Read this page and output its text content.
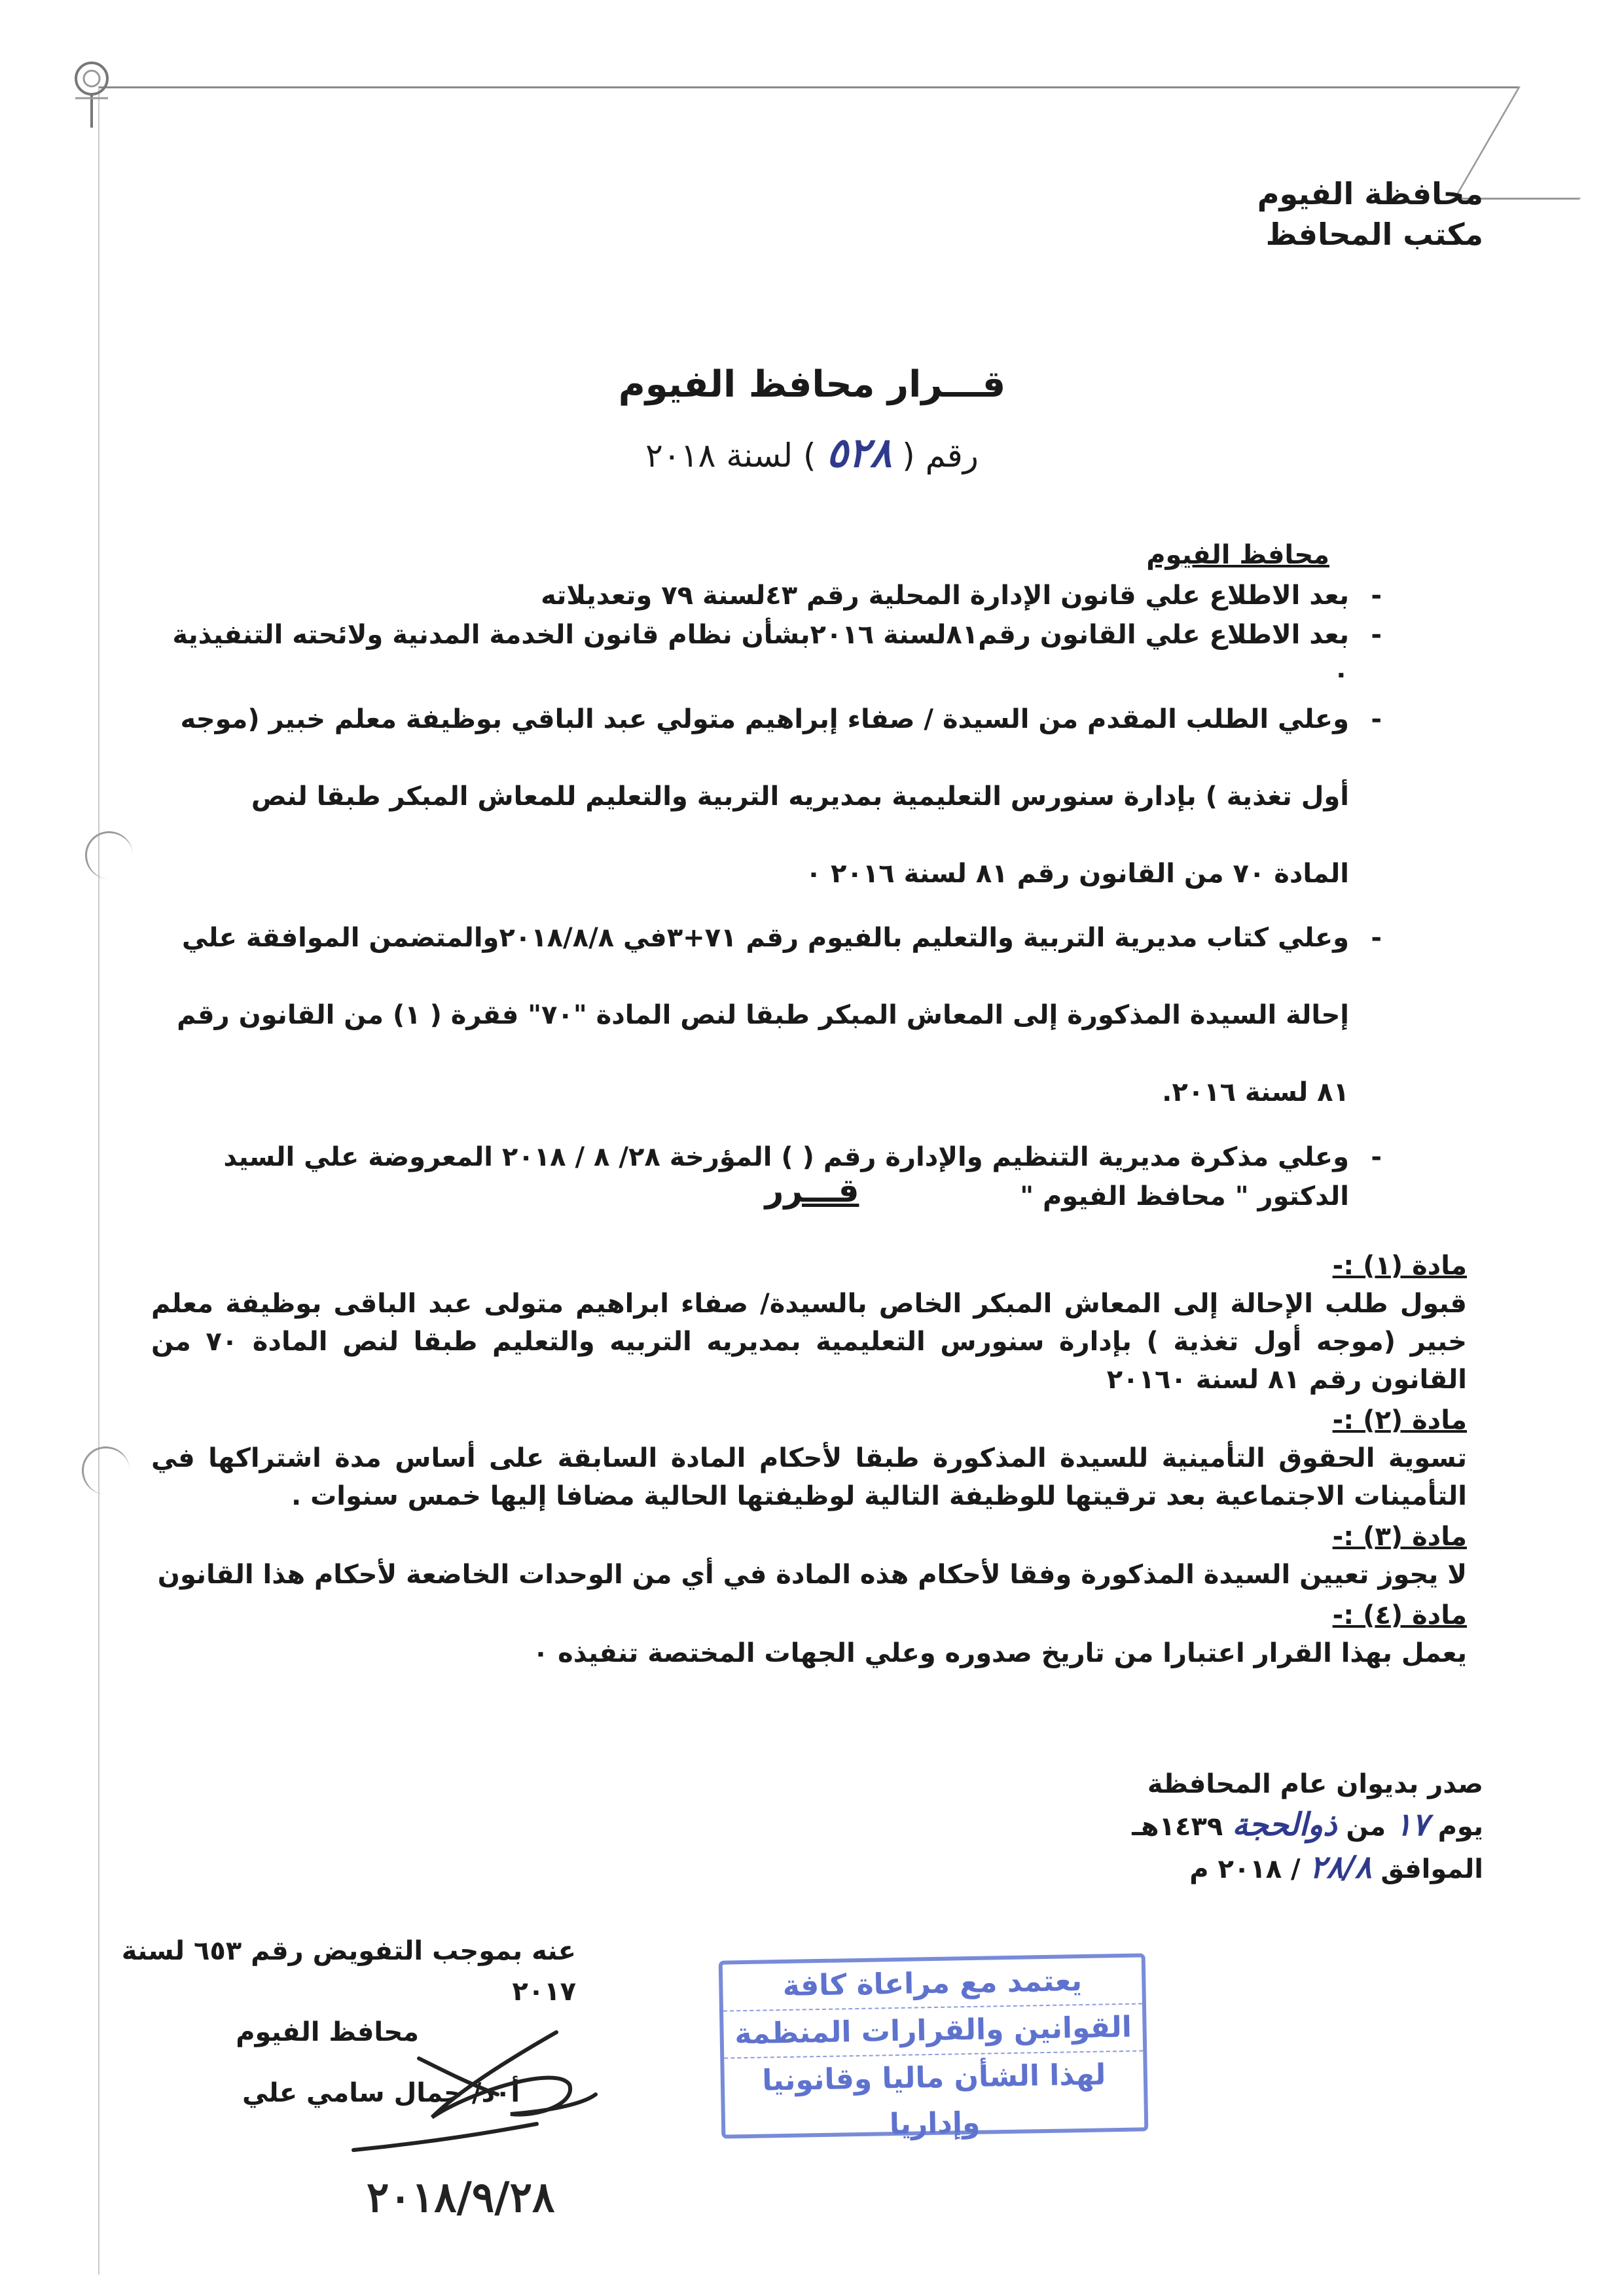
محافظة الفيوم
مكتب المحافظ
قـــرار محافظ الفيوم
رقم ( ٥٢٨ ) لسنة ٢٠١٨
محافظ الفيوم
- بعد الاطلاع علي قانون الإدارة المحلية رقم ٤٣لسنة ٧٩ وتعديلاته
- بعد الاطلاع علي القانون رقم٨١لسنة ٢٠١٦بشأن نظام قانون الخدمة المدنية ولائحته التنفيذية ٠
- وعلي الطلب المقدم من السيدة / صفاء إبراهيم متولي عبد الباقي بوظيفة معلم خبير (موجه أول تغذية ) بإدارة سنورس التعليمية بمديريه التربية والتعليم للمعاش المبكر طبقا لنص المادة ٧٠ من القانون رقم ٨١ لسنة ٢٠١٦ ٠
- وعلي كتاب مديرية التربية والتعليم بالفيوم رقم ٧١+٣في ٢٠١٨/٨/٨والمتضمن الموافقة علي إحالة السيدة المذكورة إلى المعاش المبكر طبقا لنص المادة "٧٠" فقرة ( ١) من القانون رقم ٨١ لسنة ٢٠١٦.
- وعلي مذكرة مديرية التنظيم والإدارة رقم ( ) المؤرخة ٢٨/ ٨ / ٢٠١٨ المعروضة علي السيد الدكتور " محافظ الفيوم "
قـــرر
مادة (١) :-
قبول طلب الإحالة إلى المعاش المبكر الخاص بالسيدة/ صفاء ابراهيم متولى عبد الباقى بوظيفة معلم خبير (موجه أول تغذية ) بإدارة سنورس التعليمية بمديريه التربيه والتعليم طبقا لنص المادة ٧٠ من القانون رقم ٨١ لسنة ٢٠١٦٠
مادة (٢) :-
تسوية الحقوق التأمينية للسيدة المذكورة طبقا لأحكام المادة السابقة على أساس مدة اشتراكها في التأمينات الاجتماعية بعد ترقيتها للوظيفة التالية لوظيفتها الحالية مضافا إليها خمس سنوات .
مادة (٣) :-
لا يجوز تعيين السيدة المذكورة وفقا لأحكام هذه المادة في أي من الوحدات الخاضعة لأحكام هذا القانون
مادة (٤) :-
يعمل بهذا القرار اعتبارا من تاريخ صدوره وعلي الجهات المختصة تنفيذه ٠
صدر بديوان عام المحافظة
يوم ١٧ من ذوالحجة ١٤٣٩هـ
الموافق ٢٨/٨ / ٢٠١٨ م
عنه بموجب التفويض رقم ٦٥٣ لسنة ٢٠١٧
محافظ الفيوم
أ٠د/ جمال سامي علي
يعتمد مع مراعاة كافة
القوانين والقرارات المنظمة
لهذا الشأن ماليا وقانونيا وإداريا
٢٠١٨/٩/٢٨
